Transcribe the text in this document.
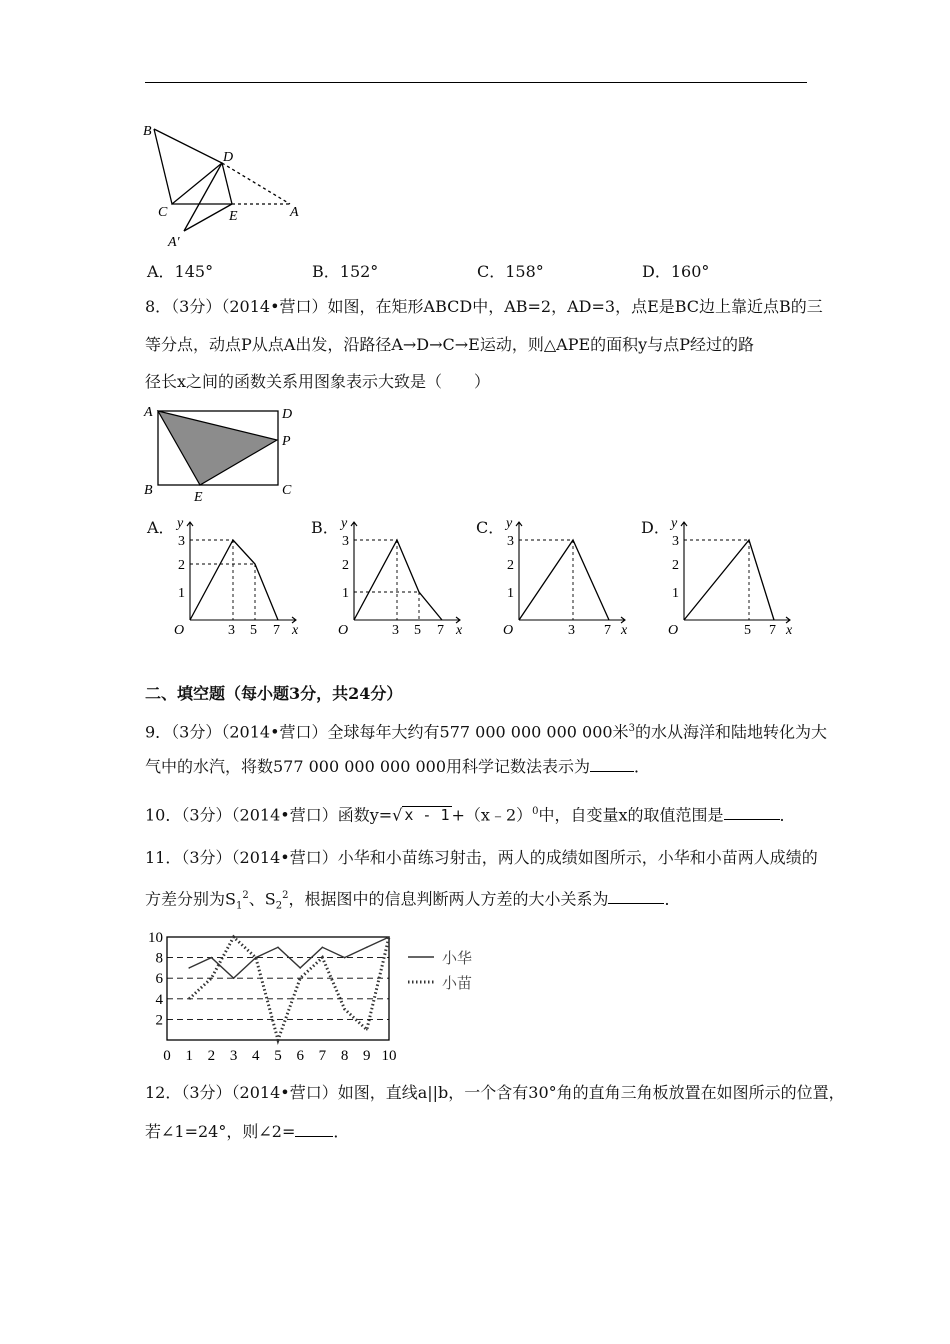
B
D
C	E	A
A′
A．145°	B．152°	C．158°	D．160°
8．（3分）（2014•营口）如图，在矩形ABCD中，AB=2，AD=3，点E是BC边上靠近点B的三
等分点，动点P从点A出发，沿路径A→D→C→E运动，则△APE的面积y与点P经过的路
径长x之间的函数关系用图象表示大致是（　　）
A	D
P
B	E	C
A． y
3
2
1
O	3 5 7 x
B． y
3
2
1
O	3 5 7 x
C． y
3
2
1
O	3 7 x
D． y
3
2
1
O	5 7 x
二、填空题（每小题3分，共24分）
9．（3分）（2014•营口）全球每年大约有577 000 000 000 000米$^3$的水从海洋和陆地转化为大
气中的水汽，将数577 000 000 000 000用科学记数法表示为	．
10．（3分）（2014•营口）函数y=√ x - 1 +（x﹣2）$^0$中，自变量x的取值范围是	．
11．（3分）（2014•营口）小华和小苗练习射击，两人的成绩如图所示，小华和小苗两人成绩的
方差分别为$S_1^2$、$S_2^2$，根据图中的信息判断两人方差的大小关系为	．
10
8
6
4
2
0 1 2 3 4 5 6 7 8 9 10
小华
小苗
12．（3分）（2014•营口）如图，直线a||b，一个含有30°角的直角三角板放置在如图所示的位置，
若∠1=24°，则∠2= ．
